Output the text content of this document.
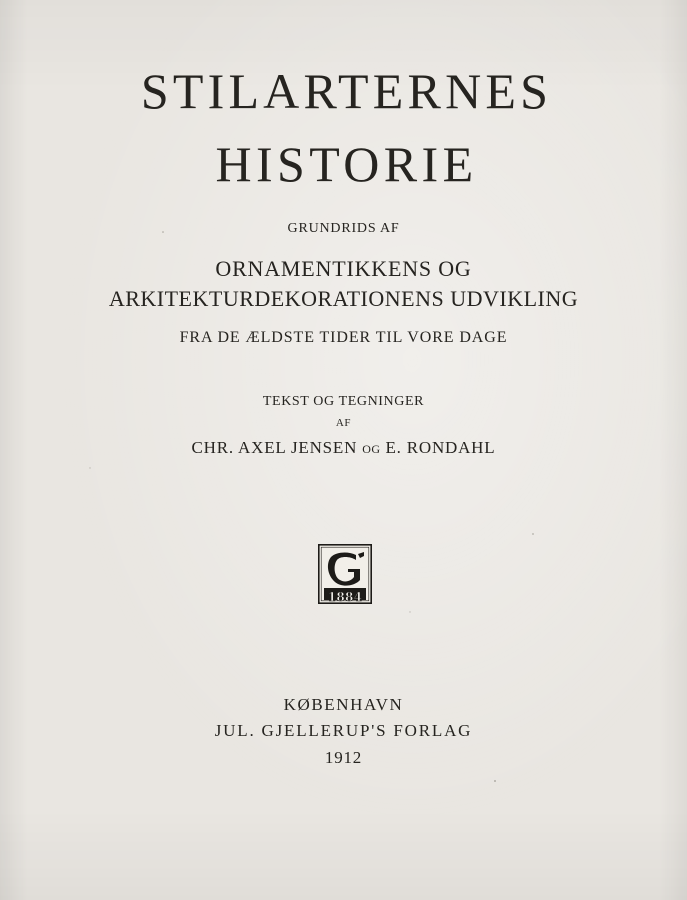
STILARTERNES
HISTORIE
GRUNDRIDS AF
ORNAMENTIKKENS OG
ARKITEKTURDEKORATIONENS UDVIKLING
FRA DE ÆLDSTE TIDER TIL VORE DAGE
TEKST OG TEGNINGER
AF
CHR. AXEL JENSEN OG E. RONDAHL
1884
KØBENHAVN
JUL. GJELLERUP'S FORLAG
1912
